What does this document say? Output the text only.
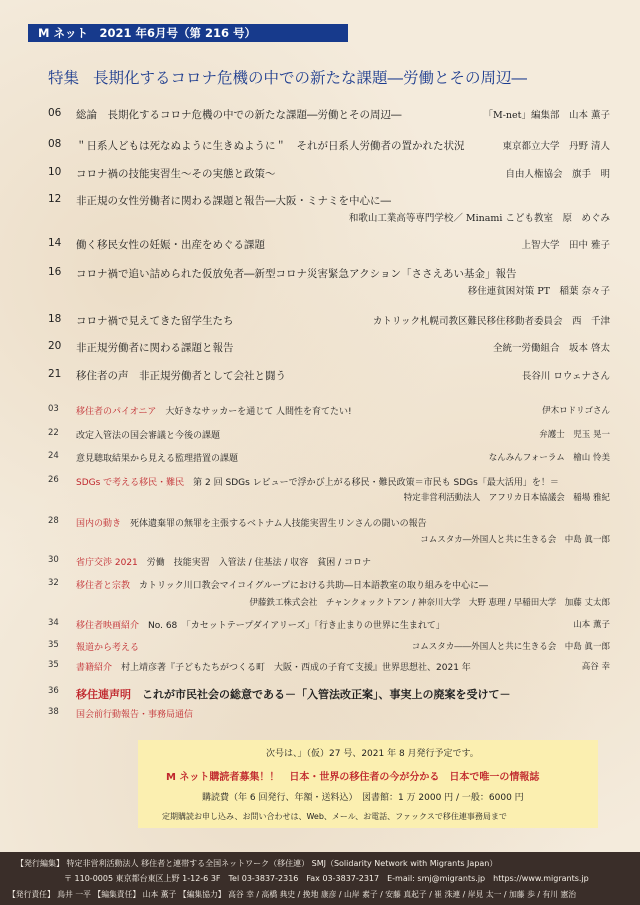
M ネット　2021 年6月号（第 216 号）
特集 長期化するコロナ危機の中での新たな課題―労働とその周辺―
06	総論　長期化するコロナ危機の中での新たな課題―労働とその周辺―	「M-net」編集部　山本 薫子
08	＂日系人どもは死なぬように生きぬように＂　それが日系人労働者の置かれた状況	東京都立大学　丹野 清人
10	コロナ禍の技能実習生～その実態と政策～	自由人権協会　旗手　明
12	非正規の女性労働者に関わる課題と報告―大阪・ミナミを中心に―
和歌山工業高等専門学校／ Minami こども教室　原　めぐみ
14	働く移民女性の妊娠・出産をめぐる課題	上智大学　田中 雅子
16	コロナ禍で追い詰められた仮放免者―新型コロナ災害緊急アクション「ささえあい基金」報告
移住連貧困対策 PT　稲葉 奈々子
18	コロナ禍で見えてきた留学生たち	カトリック札幌司教区難民移住移動者委員会　西　千津
20	非正規労働者に関わる課題と報告	全統一労働組合　坂本 啓太
21	移住者の声　非正規労働者として会社と闘う	長谷川 ロウェナさん
03	移住者のパイオニア　大好きなサッカーを通じて 人間性を育てたい!	伊木ロドリゴさん
22	改定入管法の国会審議と今後の課題	弁護士　児玉 晃一
24	意見聴取結果から見える監理措置の課題	なんみんフォーラム　檜山 怜美
26	SDGs で考える移民・難民　第 2 回 SDGs レビューで浮かび上がる移民・難民政策＝市民も SDGs「最大活用」を！＝
特定非営利活動法人　アフリカ日本協議会　稲場 雅紀
28	国内の動き　死体遺棄罪の無罪を主張するベトナム人技能実習生リンさんの闘いの報告
コムスタカ―外国人と共に生きる会　中島 眞一郎
30	省庁交渉 2021　労働　技能実習　入管法 / 住基法 / 収容　貧困 / コロナ
32	移住者と宗教　カトリック川口教会マイコイグループにおける共助―日本語教室の取り組みを中心に―
伊藤鉄工株式会社　チャンクォックトアン / 神奈川大学　大野 恵理 / 早稲田大学　加藤 丈太郎
34	移住者映画紹介　No. 68　「カセットテープダイアリーズ」「行き止まりの世界に生まれて」	山本 薫子
35	報道から考える	コムスタカ――外国人と共に生きる会　中島 眞一郎
35	書籍紹介　村上靖彦著『子どもたちがつくる町　大阪・西成の子育て支援』世界思想社、2021 年	高谷 幸
36	移住連声明　これが市民社会の総意である－「入管法改正案」、事実上の廃案を受けて－
38	国会前行動報告・事務局通信
次号は、」（仮）27 号、2021 年 8 月発行予定です。
M ネット購読者募集！！　日本・世界の移住者の今が分かる　日本で唯一の情報誌
購読費（年 6 回発行、年額・送料込）　図書館：1 万 2000 円 / 一般：6000 円
定期購読お申し込み、お問い合わせは、Web、メール、お電話、ファックスで移住連事務局まで
【発行編集】 特定非営利活動法人 移住者と連帯する全国ネットワーク（移住連） SMJ（Solidarity Network with Migrants Japan）
〒 110-0005 東京都台東区上野 1-12-6 3F　Tel 03-3837-2316　Fax 03-3837-2317　E-mail: smj@migrants.jp　https://www.migrants.jp
【発行責任】 鳥井 一平 【編集責任】 山本 薫子 【編集協力】 高谷 幸 / 高橋 典史 / 挽地 康彦 / 山岸 素子 / 安藤 真起子 / 崔 洙連 / 岸見 太一 / 加藤 歩 / 有川 憲治
